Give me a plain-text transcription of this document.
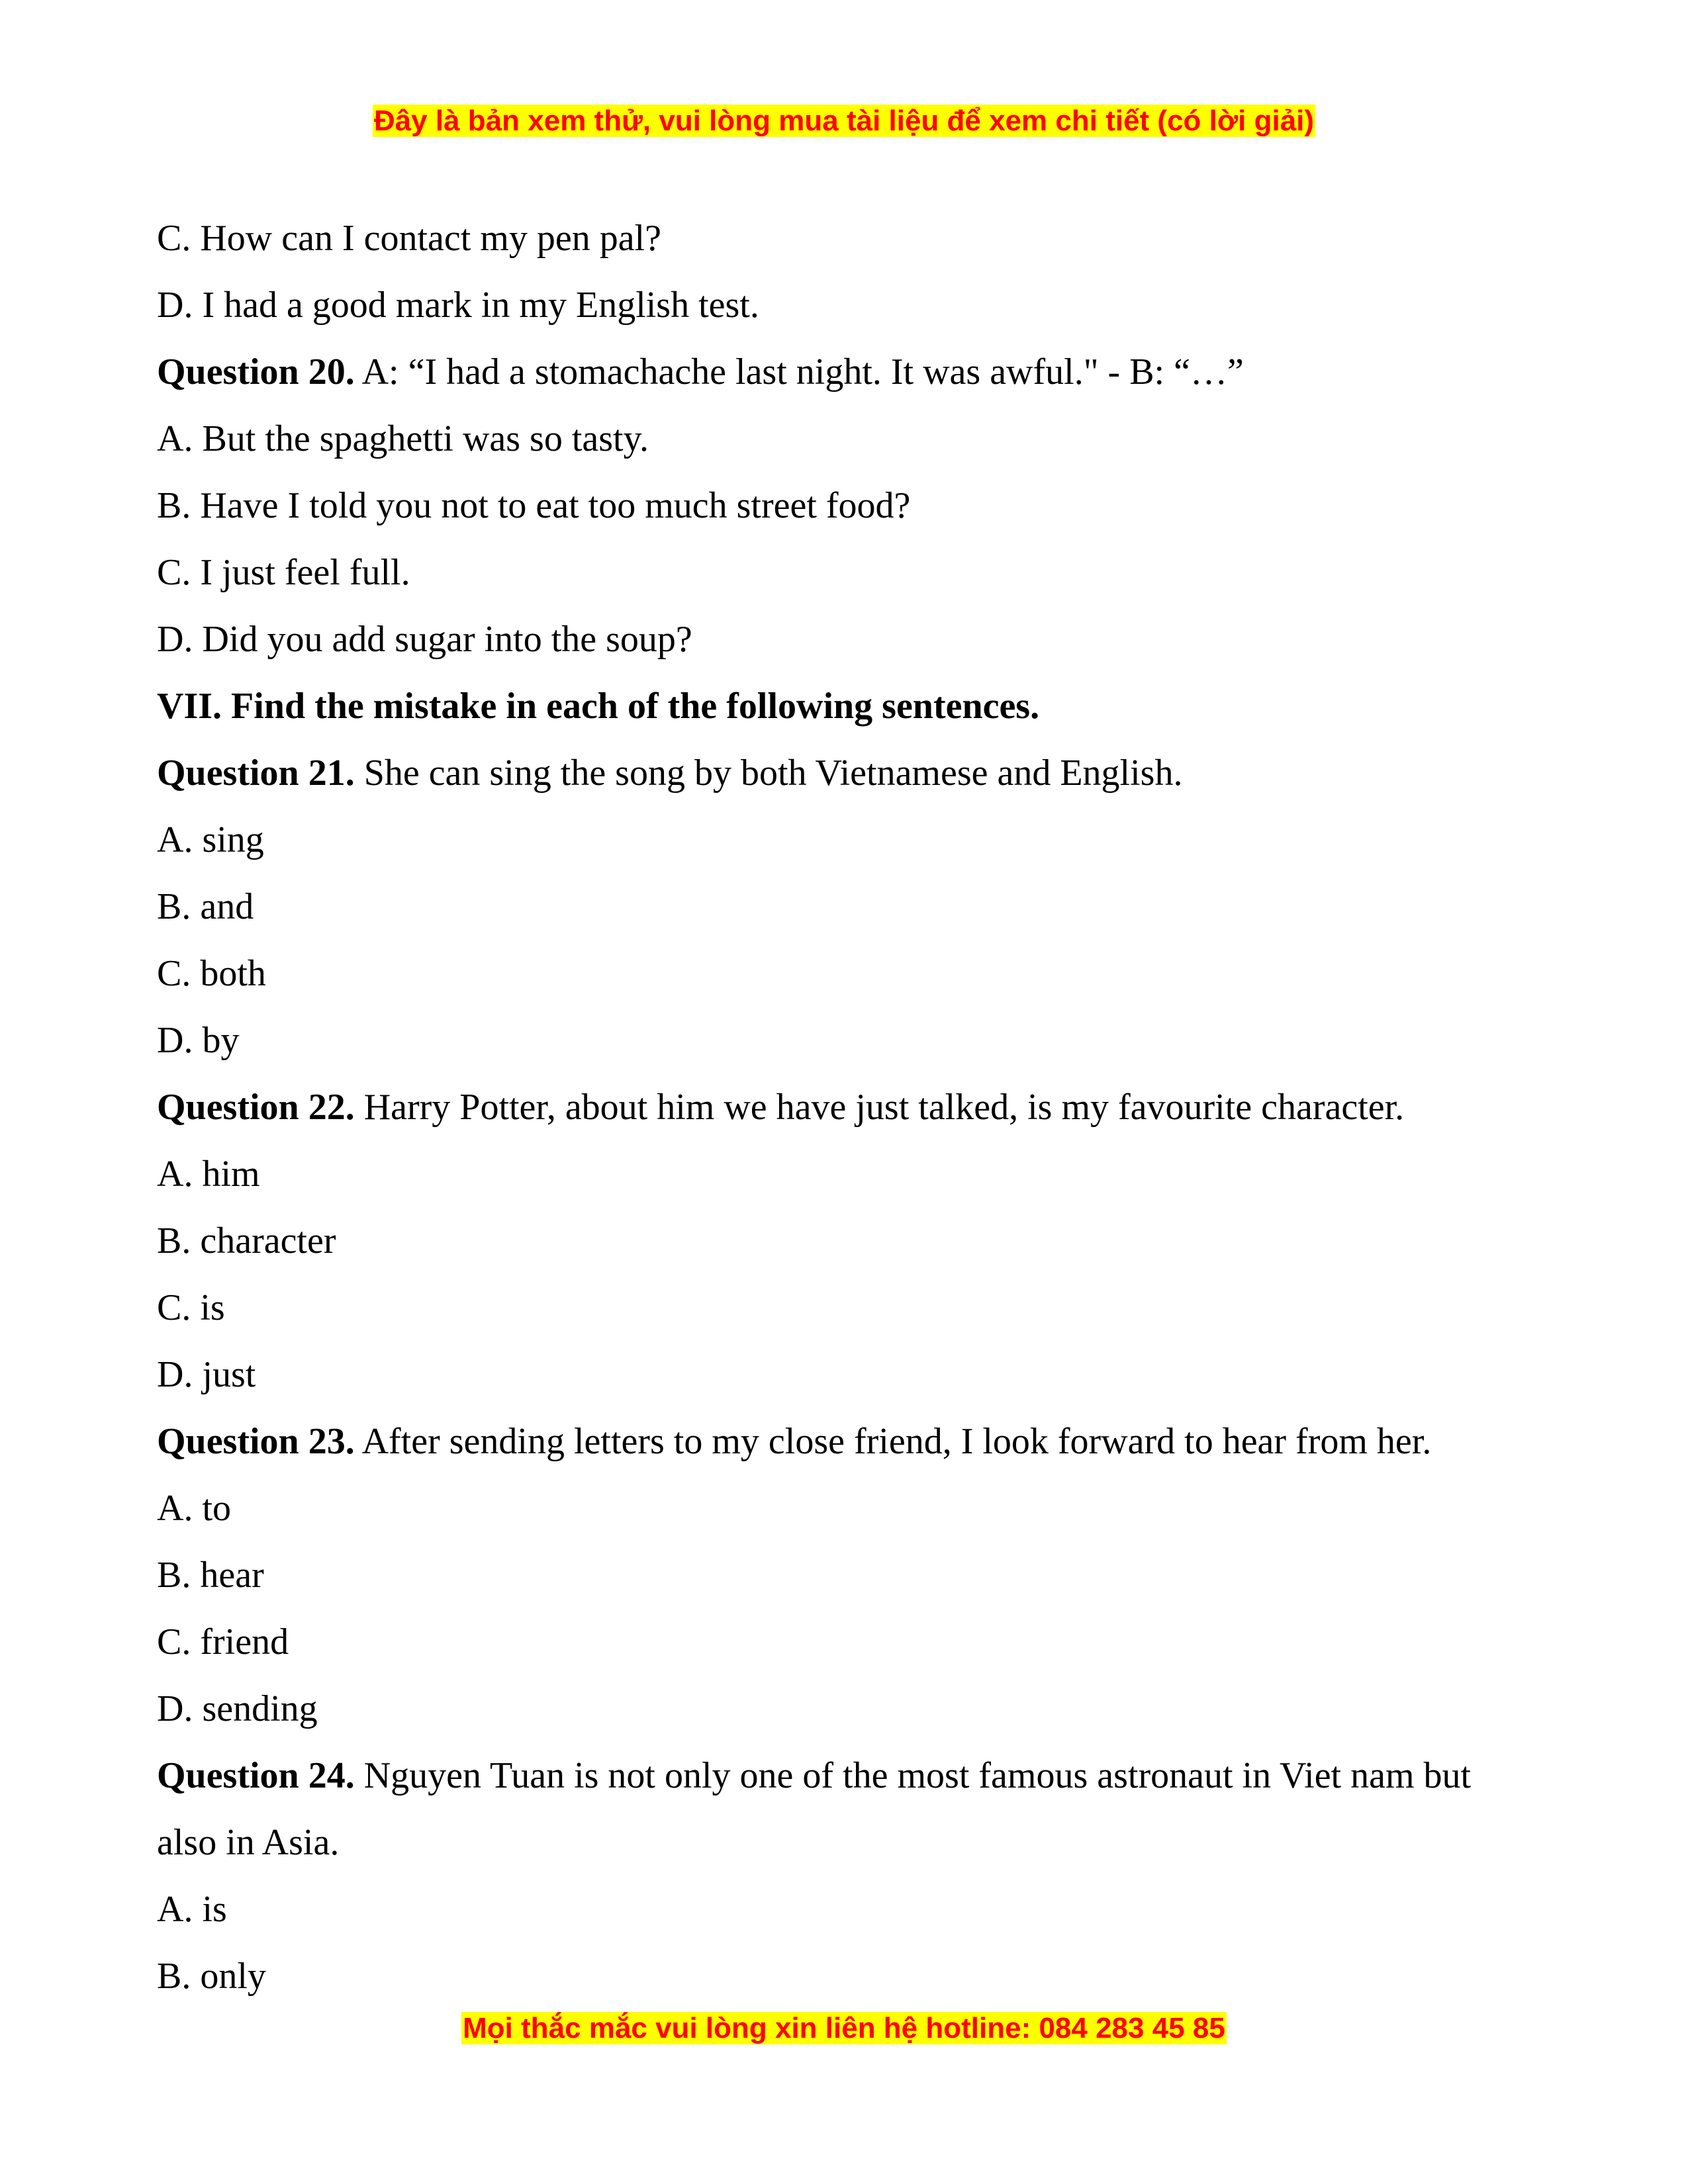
Đây là bản xem thử, vui lòng mua tài liệu để xem chi tiết (có lời giải)
C. How can I contact my pen pal?
D. I had a good mark in my English test.
Question 20. A: “I had a stomachache last night. It was awful." - B: “…”
A. But the spaghetti was so tasty.
B. Have I told you not to eat too much street food?
C. I just feel full.
D. Did you add sugar into the soup?
VII. Find the mistake in each of the following sentences.
Question 21. She can sing the song by both Vietnamese and English.
A. sing
B. and
C. both
D. by
Question 22. Harry Potter, about him we have just talked, is my favourite character.
A. him
B. character
C. is
D. just
Question 23. After sending letters to my close friend, I look forward to hear from her.
A. to
B. hear
C. friend
D. sending
Question 24. Nguyen Tuan is not only one of the most famous astronaut in Viet nam but
also in Asia.
A. is
B. only
Mọi thắc mắc vui lòng xin liên hệ hotline: 084 283 45 85
